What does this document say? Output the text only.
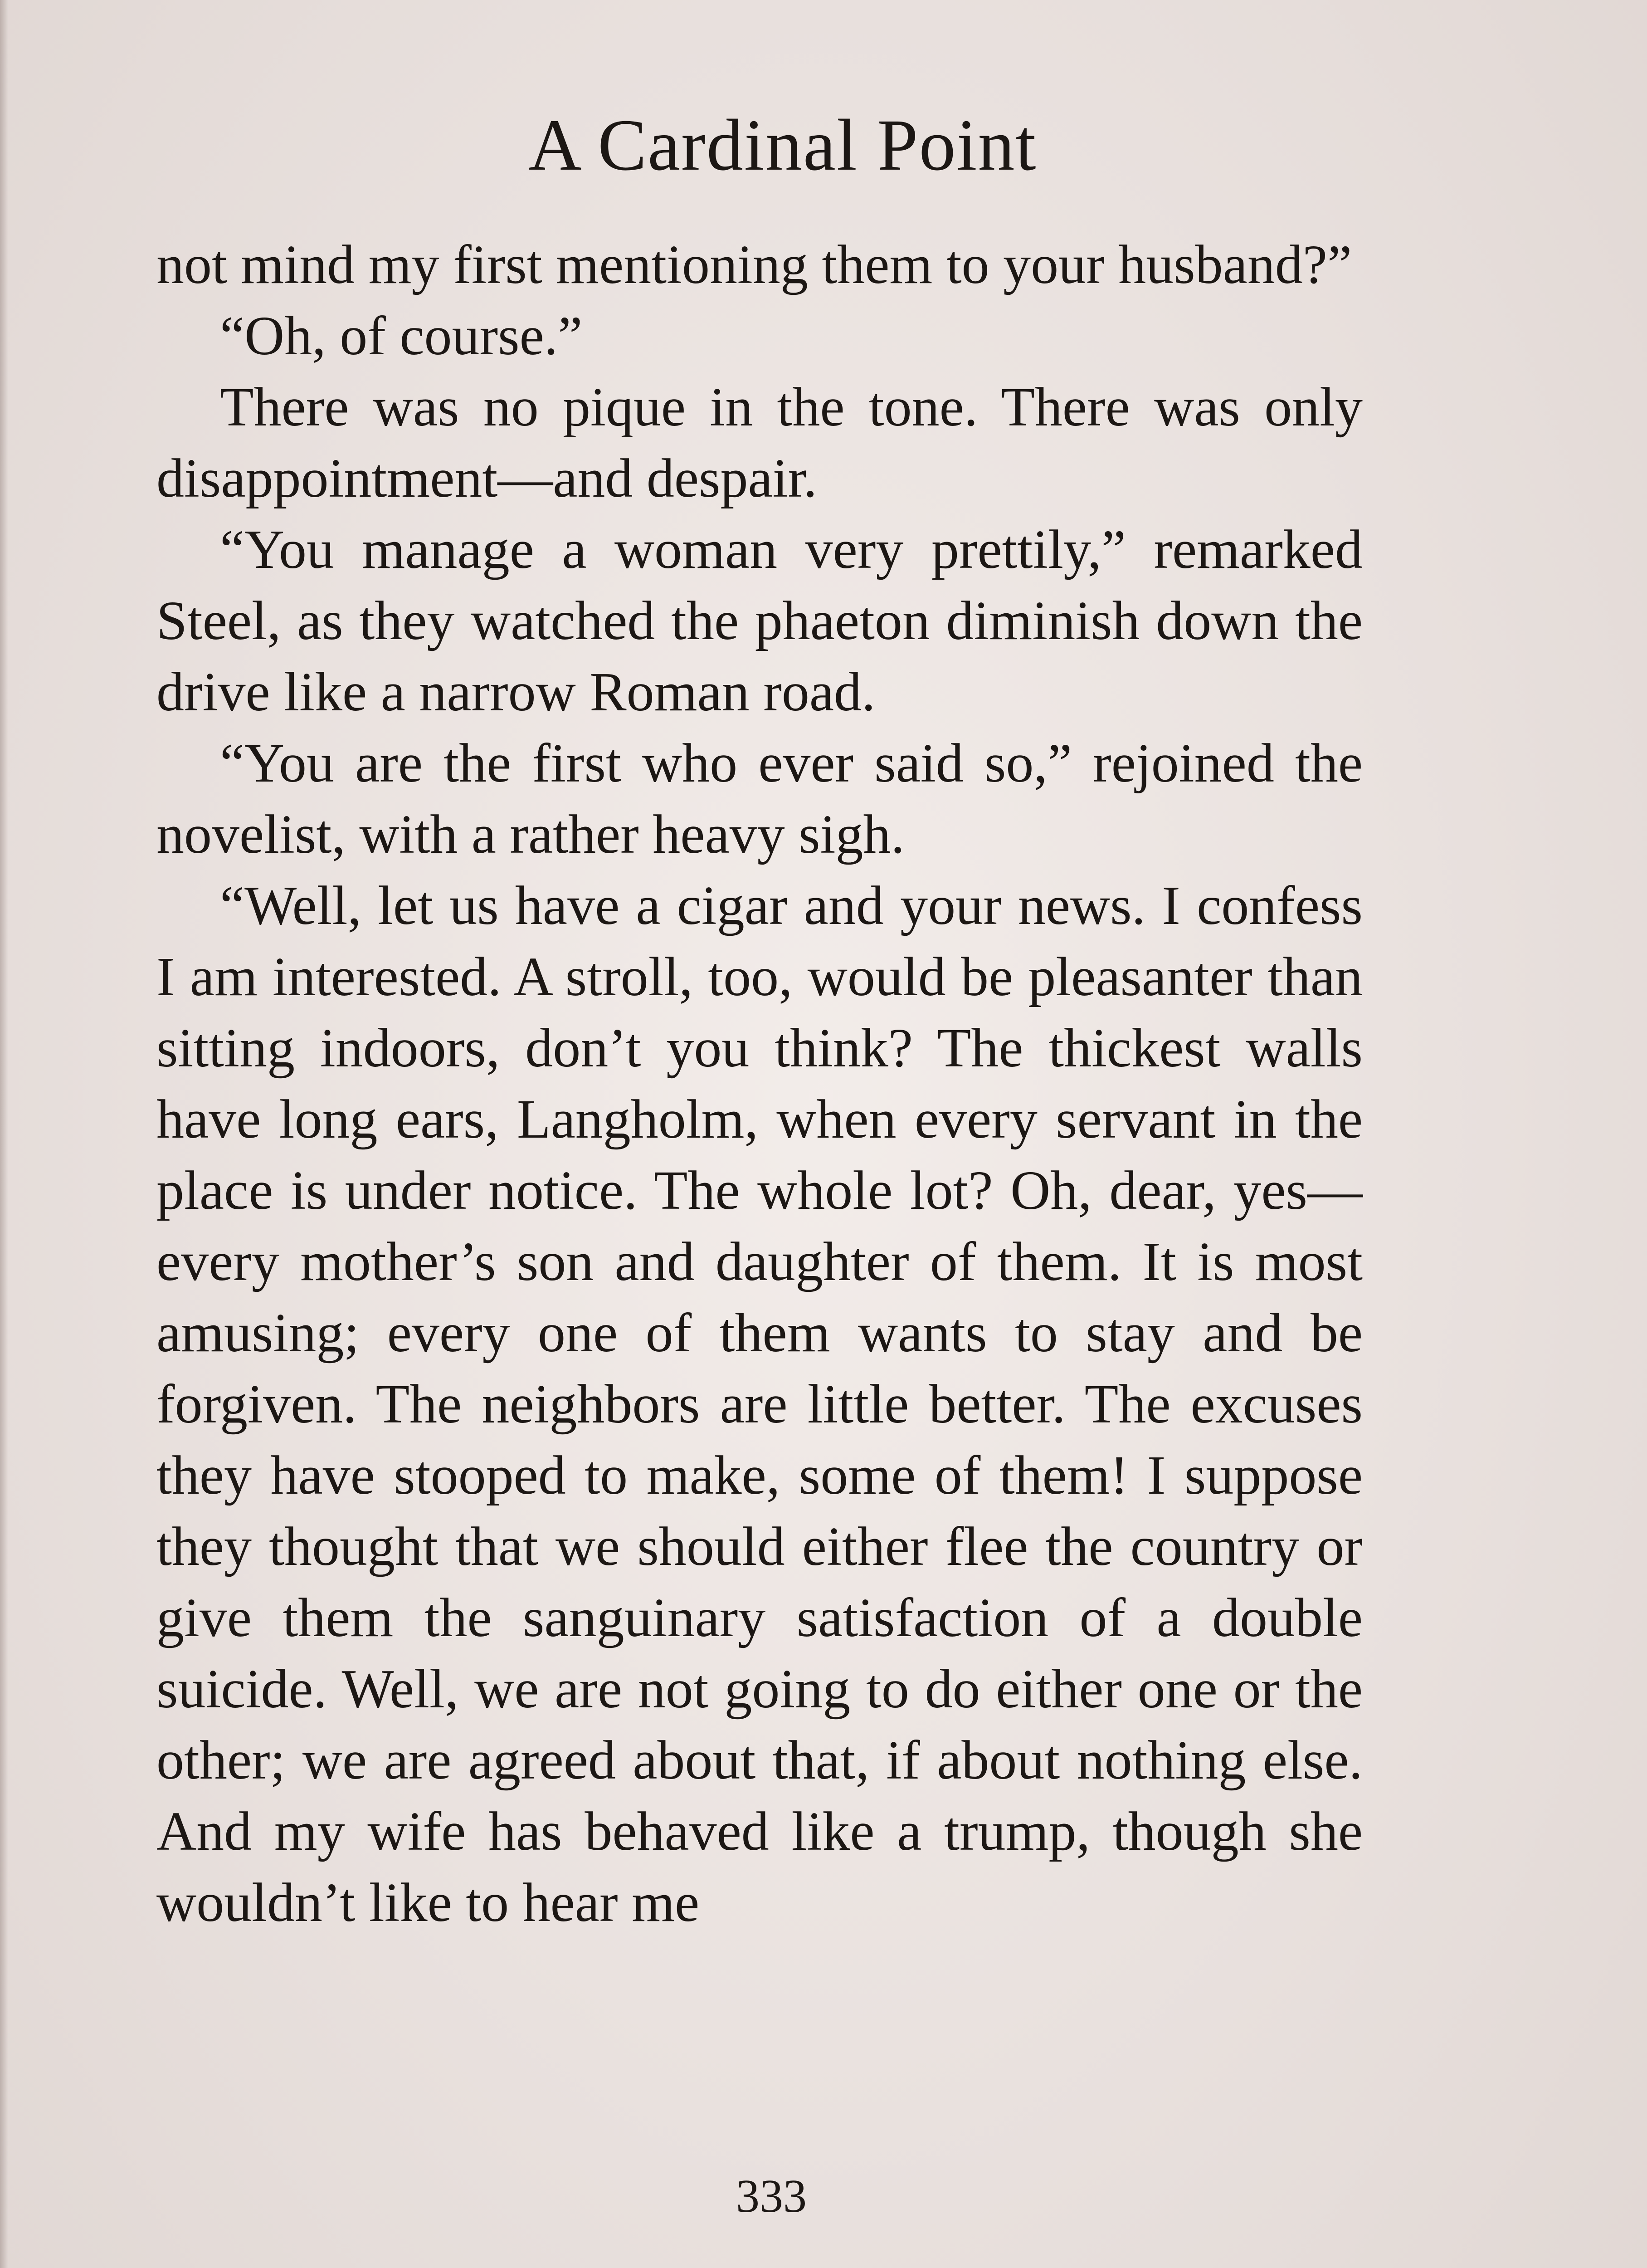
A Cardinal Point

not mind my first mentioning them to your husband?”

“Oh, of course.”

There was no pique in the tone. There was only disappointment—and despair.

“You manage a woman very prettily,” remarked Steel, as they watched the phaeton diminish down the drive like a narrow Roman road.

“You are the first who ever said so,” rejoined the novelist, with a rather heavy sigh.

“Well, let us have a cigar and your news. I confess I am interested. A stroll, too, would be pleasanter than sitting indoors, don’t you think? The thickest walls have long ears, Langholm, when every servant in the place is under notice. The whole lot? Oh, dear, yes—every mother’s son and daughter of them. It is most amusing; every one of them wants to stay and be forgiven. The neighbors are little better. The excuses they have stooped to make, some of them! I suppose they thought that we should either flee the country or give them the sanguinary satisfaction of a double suicide. Well, we are not going to do either one or the other; we are agreed about that, if about nothing else. And my wife has behaved like a trump, though she wouldn’t like to hear me

333
